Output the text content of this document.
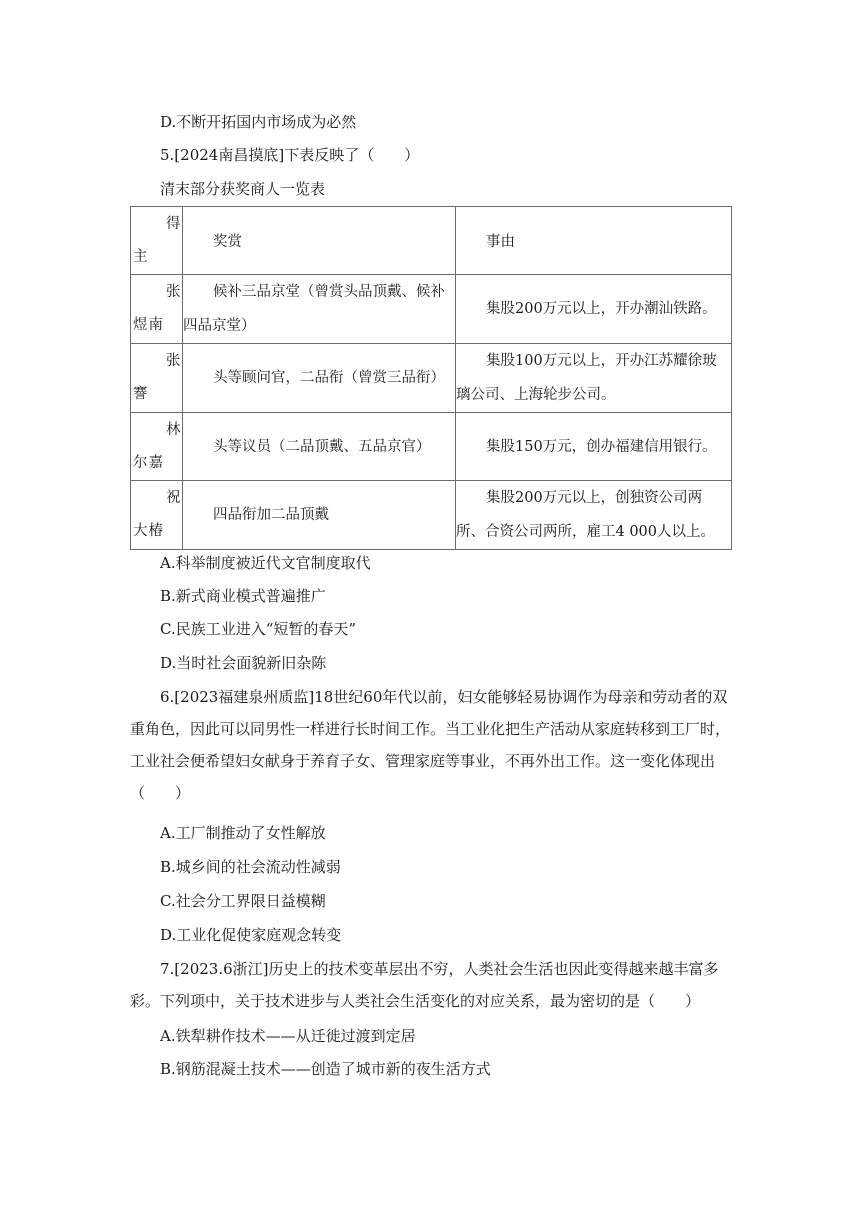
D.不断开拓国内市场成为必然
5.[2024南昌摸底]下表反映了（　　）
清末部分获奖商人一览表
得主	奖赏	事由
张煜南	候补三品京堂（曾赏头品顶戴、候补四品京堂）	集股200万元以上，开办潮汕铁路。
张謇	头等顾问官，二品衔（曾赏三品衔）	集股100万元以上，开办江苏耀徐玻璃公司、上海轮步公司。
林尔嘉	头等议员（二品顶戴、五品京官）	集股150万元，创办福建信用银行。
祝大椿	四品衔加二品顶戴	集股200万元以上，创独资公司两所、合资公司两所，雇工4 000人以上。
A.科举制度被近代文官制度取代
B.新式商业模式普遍推广
C.民族工业进入“短暂的春天”
D.当时社会面貌新旧杂陈
6.[2023福建泉州质监]18世纪60年代以前，妇女能够轻易协调作为母亲和劳动者的双重角色，因此可以同男性一样进行长时间工作。当工业化把生产活动从家庭转移到工厂时，工业社会便希望妇女献身于养育子女、管理家庭等事业，不再外出工作。这一变化体现出（　　）
A.工厂制推动了女性解放
B.城乡间的社会流动性减弱
C.社会分工界限日益模糊
D.工业化促使家庭观念转变
7.[2023.6浙江]历史上的技术变革层出不穷，人类社会生活也因此变得越来越丰富多彩。下列项中，关于技术进步与人类社会生活变化的对应关系，最为密切的是（　　）
A.铁犁耕作技术——从迁徙过渡到定居
B.钢筋混凝土技术——创造了城市新的夜生活方式
